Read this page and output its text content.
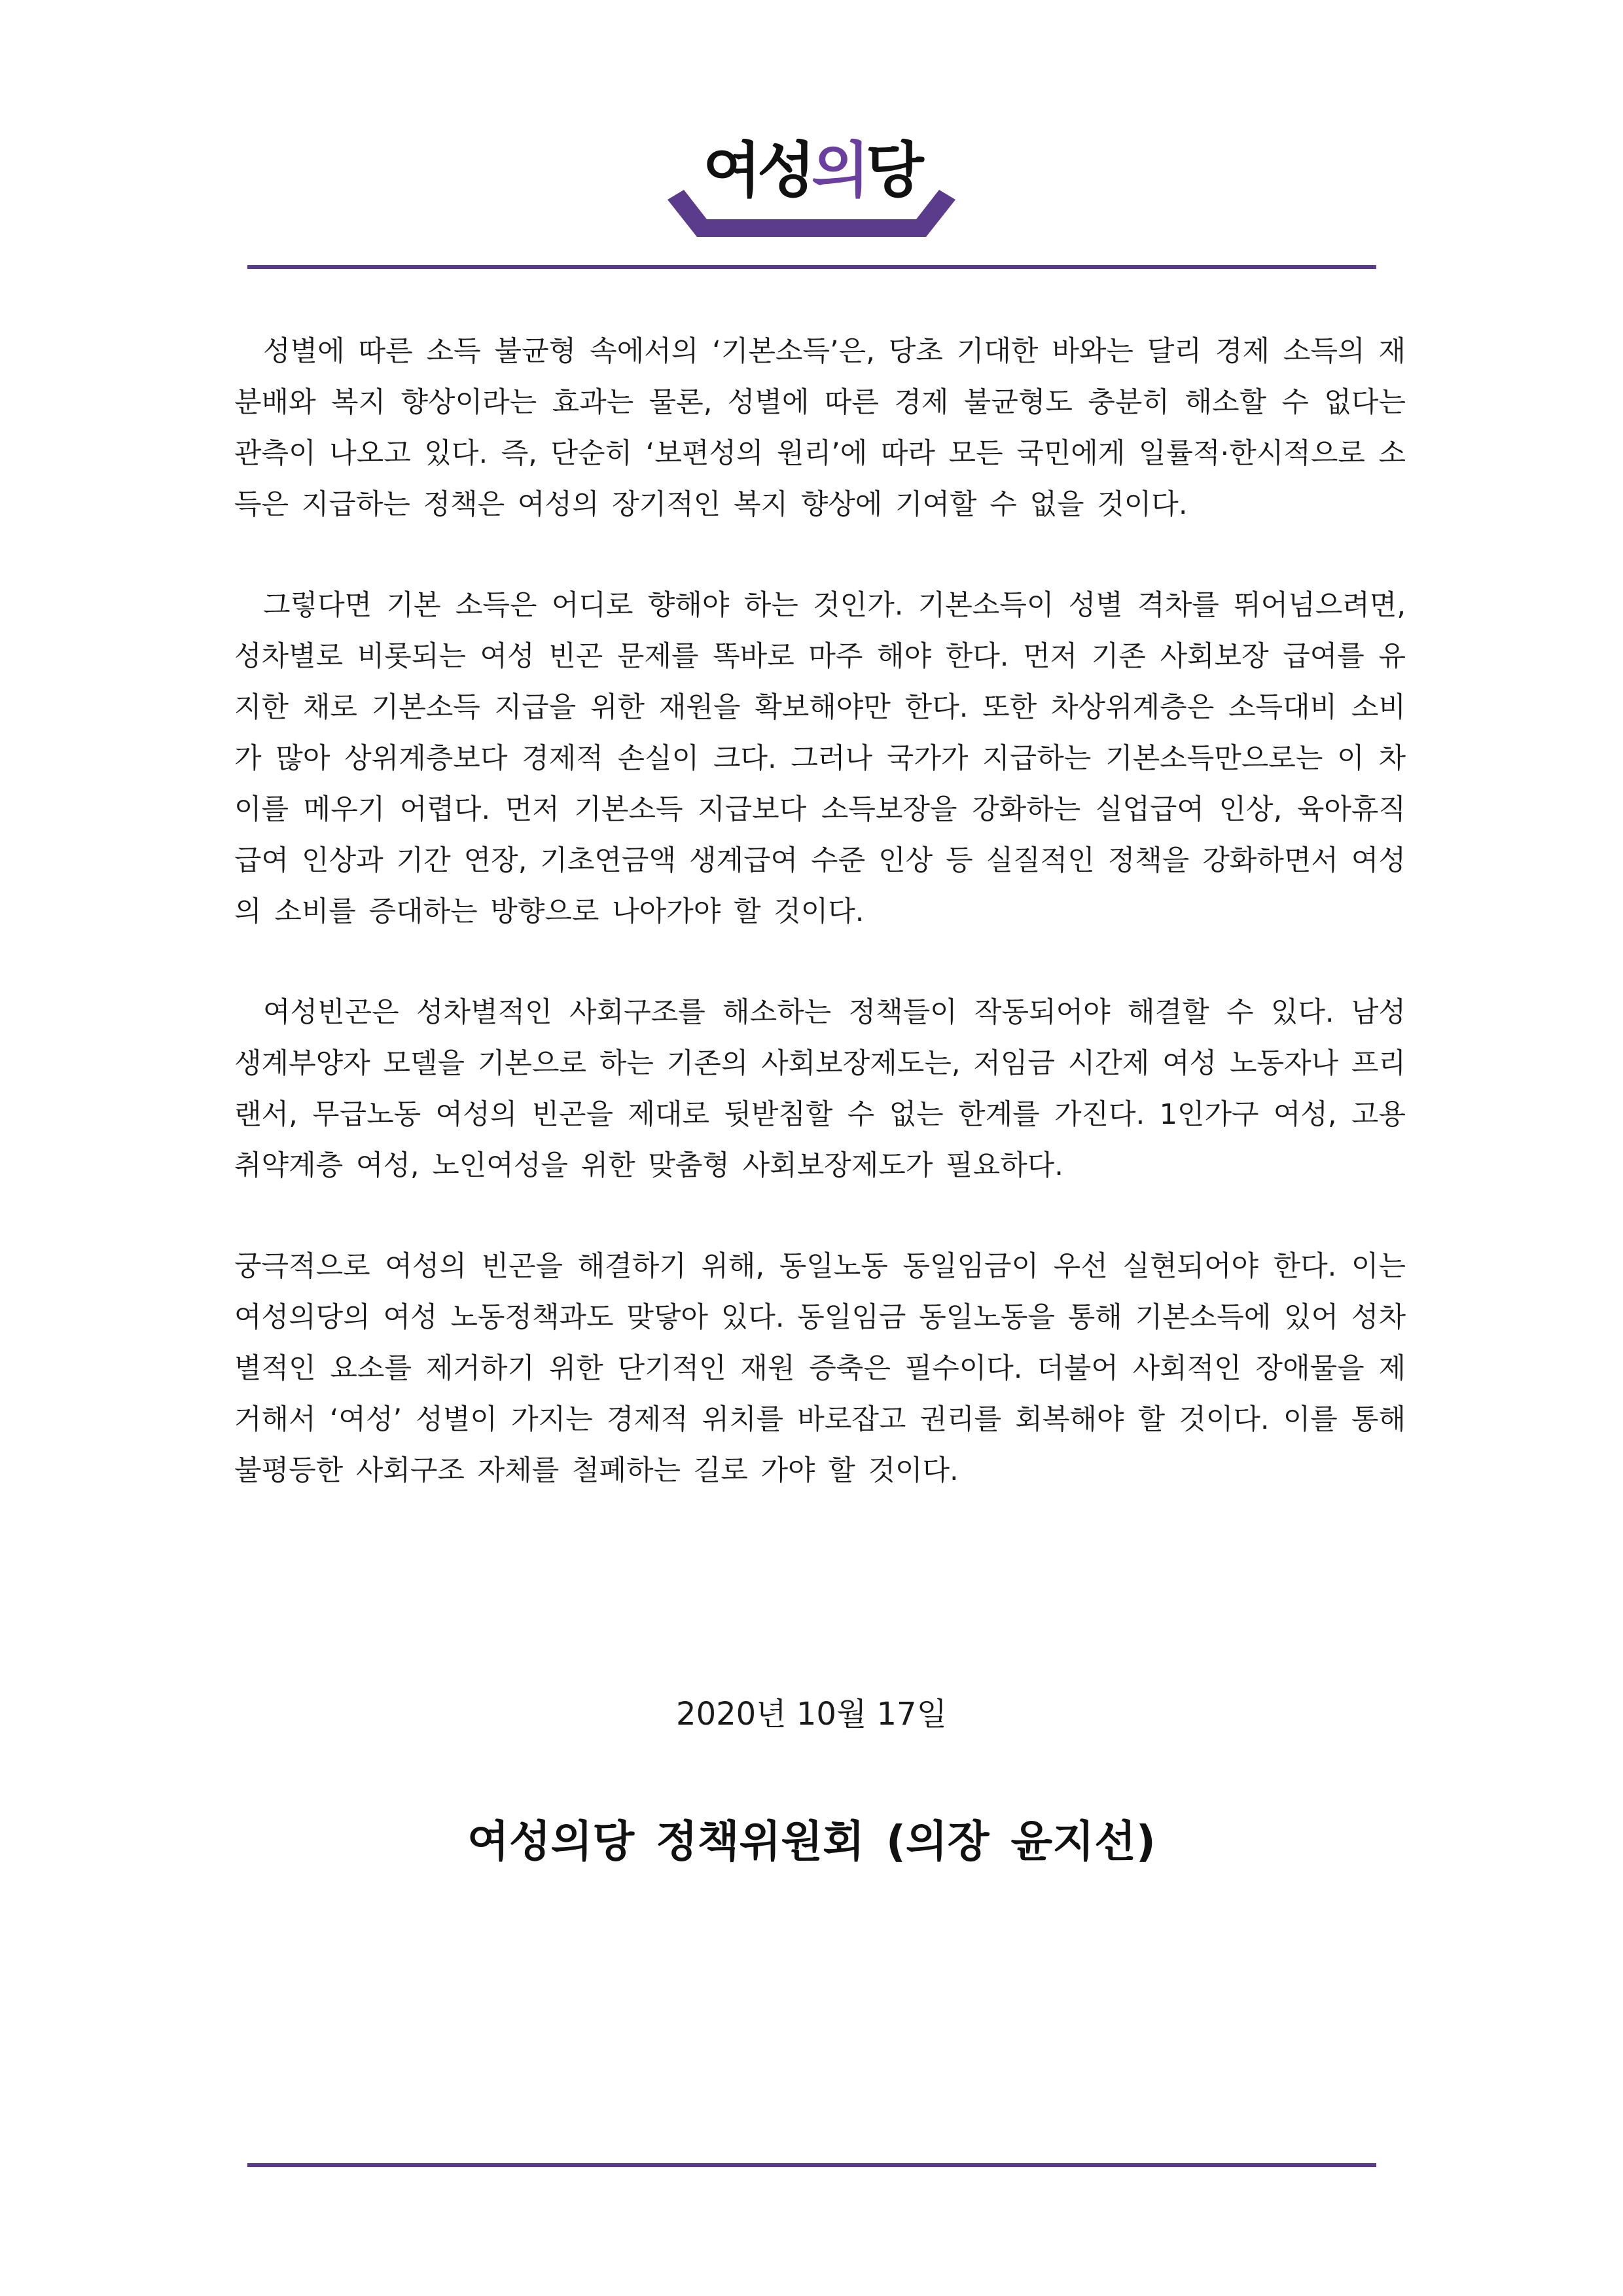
여성의당

성별에 따른 소득 불균형 속에서의 ‘기본소득’은, 당초 기대한 바와는 달리 경제 소득의 재분배와 복지 향상이라는 효과는 물론, 성별에 따른 경제 불균형도 충분히 해소할 수 없다는 관측이 나오고 있다. 즉, 단순히 ‘보편성의 원리’에 따라 모든 국민에게 일률적·한시적으로 소득은 지급하는 정책은 여성의 장기적인 복지 향상에 기여할 수 없을 것이다.

그렇다면 기본 소득은 어디로 향해야 하는 것인가. 기본소득이 성별 격차를 뛰어넘으려면, 성차별로 비롯되는 여성 빈곤 문제를 똑바로 마주 해야 한다. 먼저 기존 사회보장 급여를 유지한 채로 기본소득 지급을 위한 재원을 확보해야만 한다. 또한 차상위계층은 소득대비 소비가 많아 상위계층보다 경제적 손실이 크다. 그러나 국가가 지급하는 기본소득만으로는 이 차이를 메우기 어렵다. 먼저 기본소득 지급보다 소득보장을 강화하는 실업급여 인상, 육아휴직급여 인상과 기간 연장, 기초연금액 생계급여 수준 인상 등 실질적인 정책을 강화하면서 여성의 소비를 증대하는 방향으로 나아가야 할 것이다.

여성빈곤은 성차별적인 사회구조를 해소하는 정책들이 작동되어야 해결할 수 있다. 남성 생계부양자 모델을 기본으로 하는 기존의 사회보장제도는, 저임금 시간제 여성 노동자나 프리랜서, 무급노동 여성의 빈곤을 제대로 뒷받침할 수 없는 한계를 가진다. 1인가구 여성, 고용취약계층 여성, 노인여성을 위한 맞춤형 사회보장제도가 필요하다.

궁극적으로 여성의 빈곤을 해결하기 위해, 동일노동 동일임금이 우선 실현되어야 한다. 이는 여성의당의 여성 노동정책과도 맞닿아 있다. 동일임금 동일노동을 통해 기본소득에 있어 성차별적인 요소를 제거하기 위한 단기적인 재원 증축은 필수이다. 더불어 사회적인 장애물을 제거해서 ‘여성’ 성별이 가지는 경제적 위치를 바로잡고 권리를 회복해야 할 것이다. 이를 통해 불평등한 사회구조 자체를 철폐하는 길로 가야 할 것이다.

2020년 10월 17일
여성의당 정책위원회 (의장 윤지선)
